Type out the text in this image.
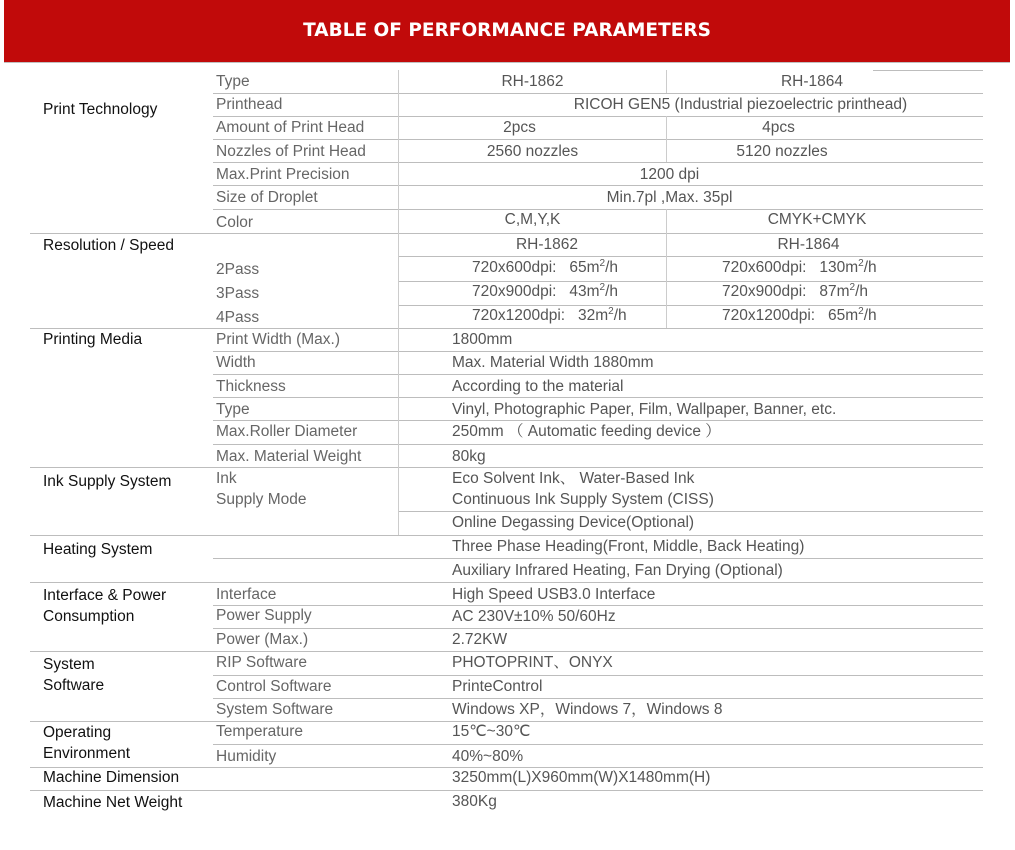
TABLE OF PERFORMANCE PARAMETERS
Print Technology
Type	RH-1862	RH-1864
Printhead	RICOH GEN5 (Industrial piezoelectric printhead)
Amount of Print Head	2pcs	4pcs
Nozzles of Print Head	2560 nozzles	5120 nozzles
Max.Print Precision	1200 dpi
Size of Droplet	Min.7pl ,Max. 35pl
Color	C,M,Y,K	CMYK+CMYK
Resolution / Speed	RH-1862	RH-1864
2Pass	720x600dpi: $65m^2/h$	720x600dpi: $130m^2/h$
3Pass	720x900dpi: $43m^2/h$	720x900dpi: $87m^2/h$
4Pass	720x1200dpi: $32m^2/h$	720x1200dpi: $65m^2/h$
Printing Media	Print Width (Max.)	1800mm
Width	Max. Material Width 1880mm
Thickness	According to the material
Type	Vinyl, Photographic Paper, Film, Wallpaper, Banner, etc.
Max.Roller Diameter	250mm （ Automatic feeding device ）
Max. Material Weight	80kg
Ink Supply System	Ink	Eco Solvent Ink、 Water-Based Ink
Supply Mode	Continuous Ink Supply System (CISS)
Online Degassing Device(Optional)
Heating System	Three Phase Heading(Front, Middle, Back Heating)
Auxiliary Infrared Heating, Fan Drying (Optional)
Interface & Power
Consumption
Interface	High Speed USB3.0 Interface
Power Supply	AC 230V±10% 50/60Hz
Power (Max.)	2.72KW
System
Software
RIP Software	PHOTOPRINT、ONYX
Control Software	PrinteControl
System Software	Windows XP，Windows 7，Windows 8
Operating
Environment
Temperature	15℃~30℃
Humidity	40%~80%
Machine Dimension	3250mm(L)X960mm(W)X1480mm(H)
Machine Net Weight	380Kg
